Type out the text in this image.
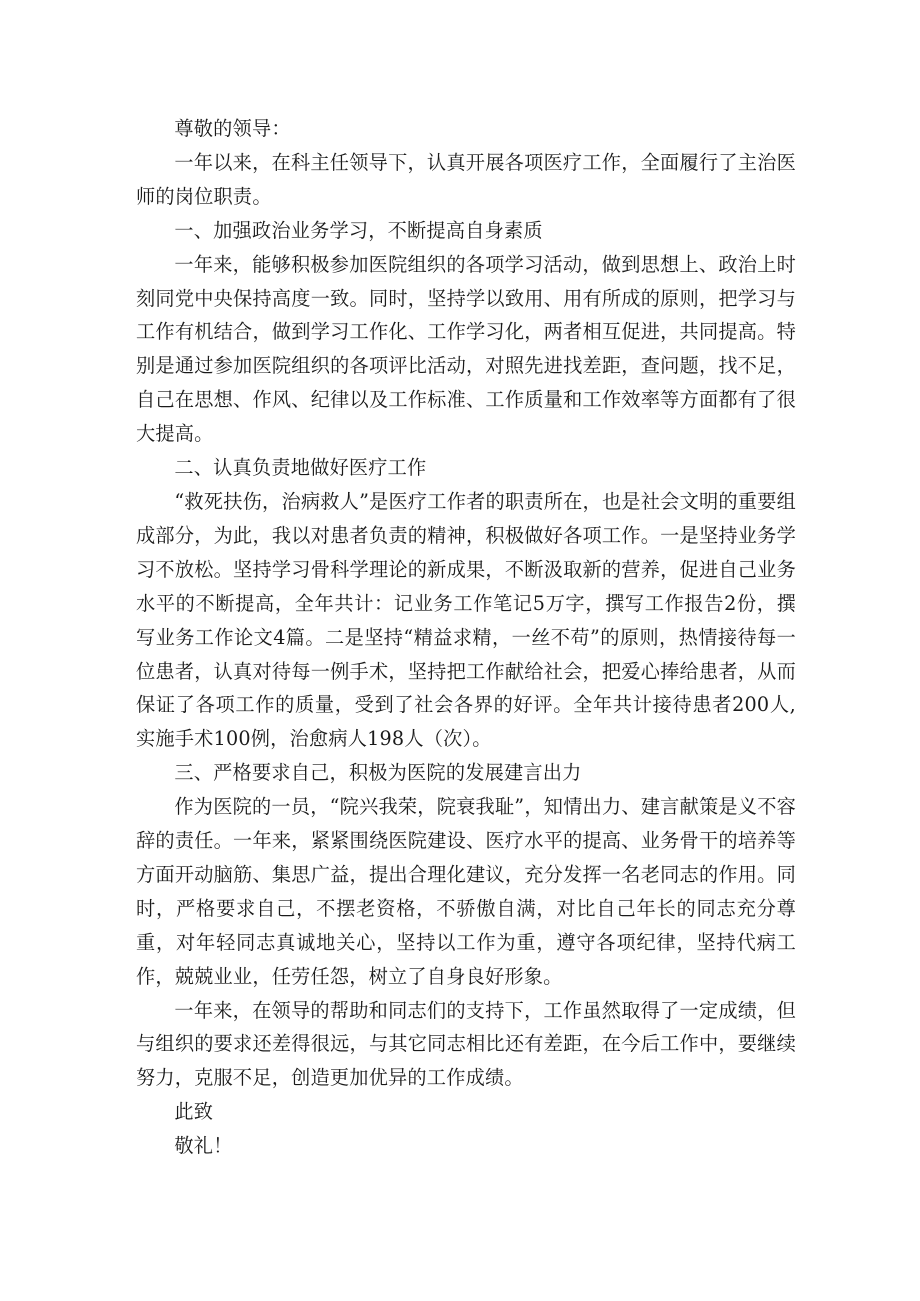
尊敬的领导：

一年以来，在科主任领导下，认真开展各项医疗工作，全面履行了主治医师的岗位职责。

一、加强政治业务学习，不断提高自身素质

一年来，能够积极参加医院组织的各项学习活动，做到思想上、政治上时刻同党中央保持高度一致。同时，坚持学以致用、用有所成的原则，把学习与工作有机结合，做到学习工作化、工作学习化，两者相互促进，共同提高。特别是通过参加医院组织的各项评比活动，对照先进找差距，查问题，找不足，自己在思想、作风、纪律以及工作标准、工作质量和工作效率等方面都有了很大提高。

二、认真负责地做好医疗工作

“救死扶伤，治病救人”是医疗工作者的职责所在，也是社会文明的重要组成部分，为此，我以对患者负责的精神，积极做好各项工作。一是坚持业务学习不放松。坚持学习骨科学理论的新成果，不断汲取新的营养，促进自己业务水平的不断提高，全年共计：记业务工作笔记5万字，撰写工作报告2份，撰写业务工作论文4篇。二是坚持“精益求精，一丝不苟”的原则，热情接待每一位患者，认真对待每一例手术，坚持把工作献给社会，把爱心捧给患者，从而保证了各项工作的质量，受到了社会各界的好评。全年共计接待患者200人,实施手术100例，治愈病人198人（次）。

三、严格要求自己，积极为医院的发展建言出力

作为医院的一员，“院兴我荣，院衰我耻”，知情出力、建言献策是义不容辞的责任。一年来，紧紧围绕医院建设、医疗水平的提高、业务骨干的培养等方面开动脑筋、集思广益，提出合理化建议，充分发挥一名老同志的作用。同时，严格要求自己，不摆老资格，不骄傲自满，对比自己年长的同志充分尊重，对年轻同志真诚地关心，坚持以工作为重，遵守各项纪律，坚持代病工作，兢兢业业，任劳任怨，树立了自身良好形象。

一年来，在领导的帮助和同志们的支持下，工作虽然取得了一定成绩，但与组织的要求还差得很远，与其它同志相比还有差距，在今后工作中，要继续努力，克服不足，创造更加优异的工作成绩。

此致

敬礼！
